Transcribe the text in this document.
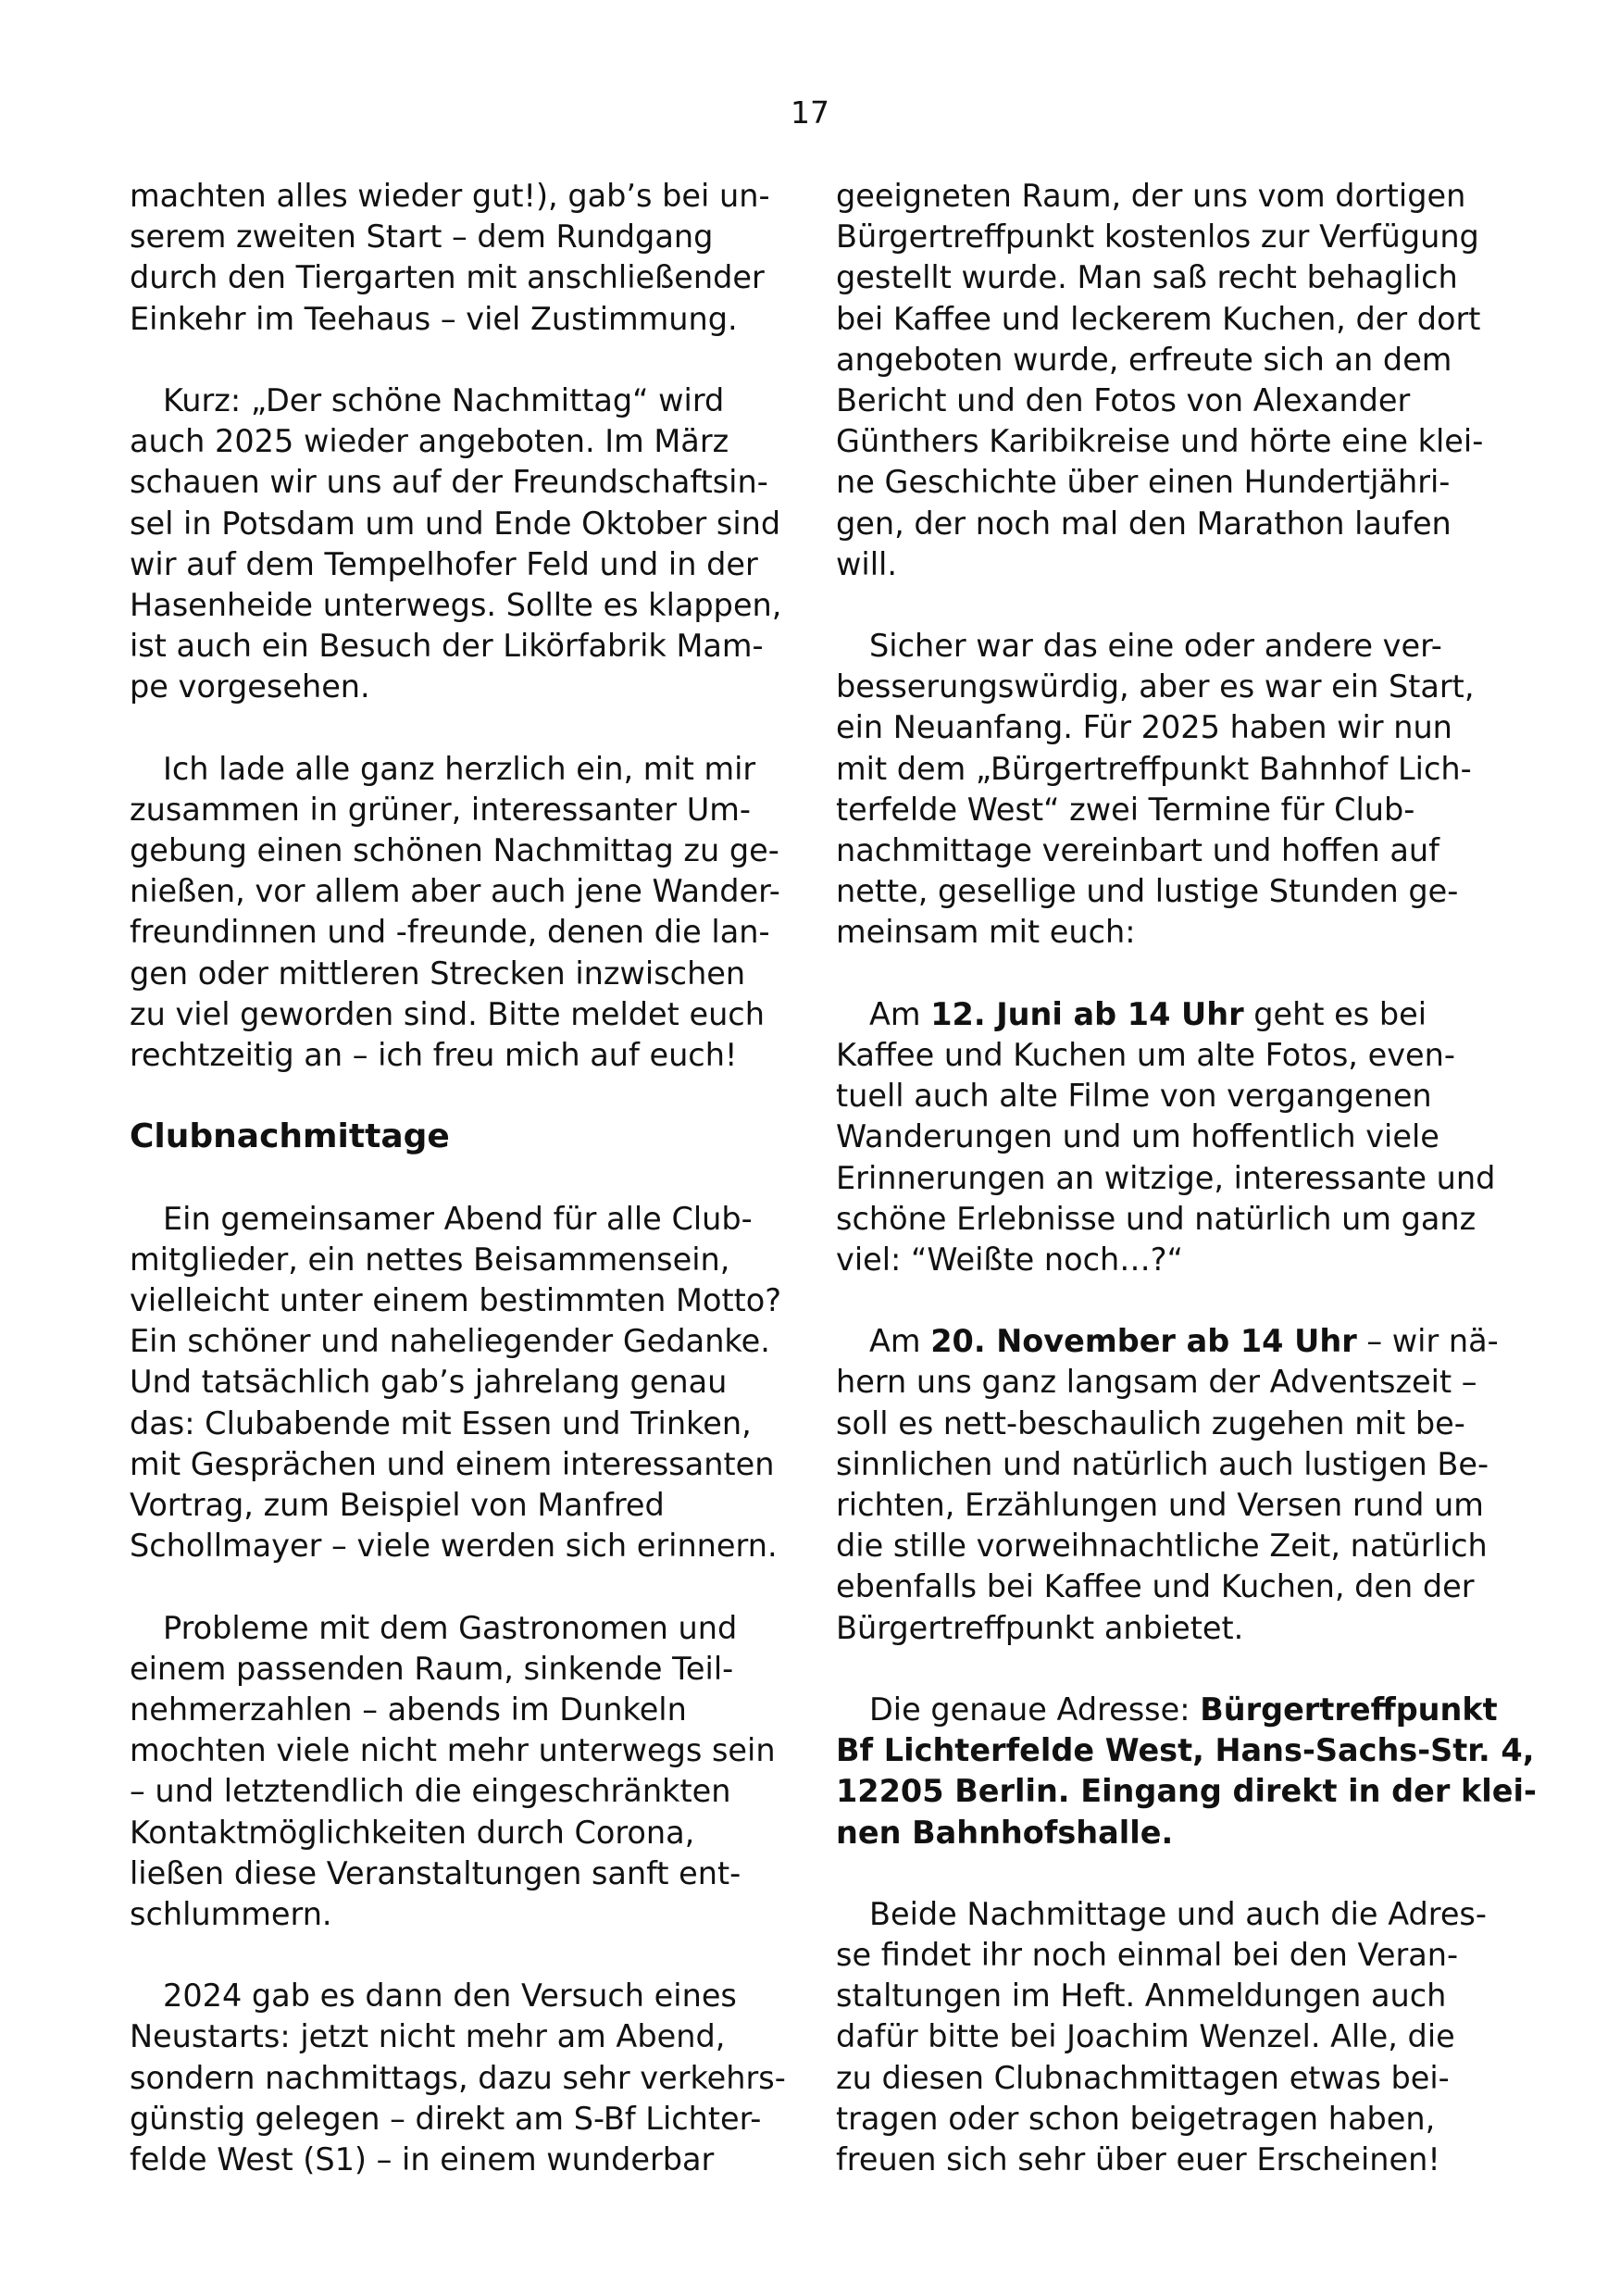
17
machten alles wieder gut!), gab’s bei un-
serem zweiten Start – dem Rundgang
durch den Tiergarten mit anschließender
Einkehr im Teehaus – viel Zustimmung.
Kurz: „Der schöne Nachmittag“ wird
auch 2025 wieder angeboten. Im März
schauen wir uns auf der Freundschaftsin-
sel in Potsdam um und Ende Oktober sind
wir auf dem Tempelhofer Feld und in der
Hasenheide unterwegs. Sollte es klappen,
ist auch ein Besuch der Likörfabrik Mam-
pe vorgesehen.
Ich lade alle ganz herzlich ein, mit mir
zusammen in grüner, interessanter Um-
gebung einen schönen Nachmittag zu ge-
nießen, vor allem aber auch jene Wander-
freundinnen und -freunde, denen die lan-
gen oder mittleren Strecken inzwischen
zu viel geworden sind. Bitte meldet euch
rechtzeitig an – ich freu mich auf euch!
Clubnachmittage
Ein gemeinsamer Abend für alle Club-
mitglieder, ein nettes Beisammensein,
vielleicht unter einem bestimmten Motto?
Ein schöner und naheliegender Gedanke.
Und tatsächlich gab’s jahrelang genau
das: Clubabende mit Essen und Trinken,
mit Gesprächen und einem interessanten
Vortrag, zum Beispiel von Manfred
Schollmayer – viele werden sich erinnern.
Probleme mit dem Gastronomen und
einem passenden Raum, sinkende Teil-
nehmerzahlen – abends im Dunkeln
mochten viele nicht mehr unterwegs sein
– und letztendlich die eingeschränkten
Kontaktmöglichkeiten durch Corona,
ließen diese Veranstaltungen sanft ent-
schlummern.
2024 gab es dann den Versuch eines
Neustarts: jetzt nicht mehr am Abend,
sondern nachmittags, dazu sehr verkehrs-
günstig gelegen – direkt am S-Bf Lichter-
felde West (S1) – in einem wunderbar
geeigneten Raum, der uns vom dortigen
Bürgertreffpunkt kostenlos zur Verfügung
gestellt wurde. Man saß recht behaglich
bei Kaffee und leckerem Kuchen, der dort
angeboten wurde, erfreute sich an dem
Bericht und den Fotos von Alexander
Günthers Karibikreise und hörte eine klei-
ne Geschichte über einen Hundertjähri-
gen, der noch mal den Marathon laufen
will.
Sicher war das eine oder andere ver-
besserungswürdig, aber es war ein Start,
ein Neuanfang. Für 2025 haben wir nun
mit dem „Bürgertreffpunkt Bahnhof Lich-
terfelde West“ zwei Termine für Club-
nachmittage vereinbart und hoffen auf
nette, gesellige und lustige Stunden ge-
meinsam mit euch:
Am 12. Juni ab 14 Uhr geht es bei
Kaffee und Kuchen um alte Fotos, even-
tuell auch alte Filme von vergangenen
Wanderungen und um hoffentlich viele
Erinnerungen an witzige, interessante und
schöne Erlebnisse und natürlich um ganz
viel: “Weißte noch…?“
Am 20. November ab 14 Uhr – wir nä-
hern uns ganz langsam der Adventszeit –
soll es nett-beschaulich zugehen mit be-
sinnlichen und natürlich auch lustigen Be-
richten, Erzählungen und Versen rund um
die stille vorweihnachtliche Zeit, natürlich
ebenfalls bei Kaffee und Kuchen, den der
Bürgertreffpunkt anbietet.
Die genaue Adresse: Bürgertreffpunkt
Bf Lichterfelde West, Hans-Sachs-Str. 4,
12205 Berlin. Eingang direkt in der klei-
nen Bahnhofshalle.
Beide Nachmittage und auch die Adres-
se findet ihr noch einmal bei den Veran-
staltungen im Heft. Anmeldungen auch
dafür bitte bei Joachim Wenzel. Alle, die
zu diesen Clubnachmittagen etwas bei-
tragen oder schon beigetragen haben,
freuen sich sehr über euer Erscheinen!
